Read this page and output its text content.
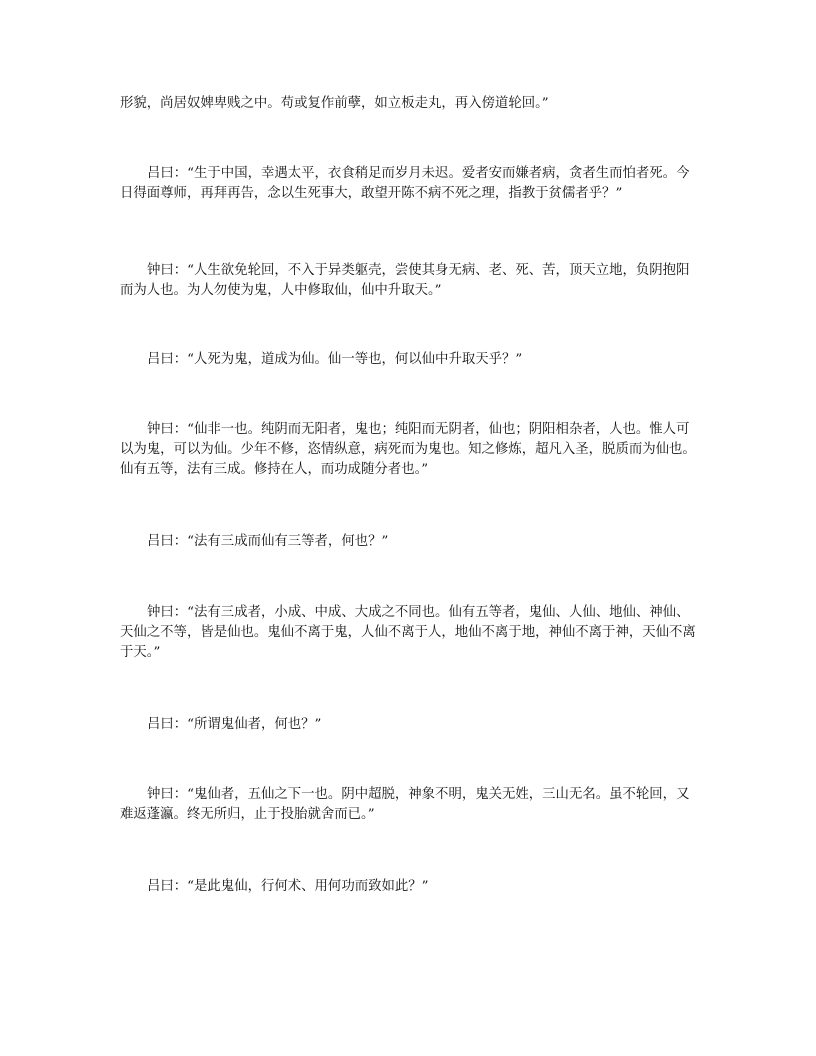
形貌，尚居奴婢卑贱之中。苟或复作前孽，如立板走丸，再入傍道轮回。”

吕曰：“生于中国，幸遇太平，衣食稍足而岁月未迟。爱者安而嫌者病，贪者生而怕者死。今日得面尊师，再拜再告，念以生死事大，敢望开陈不病不死之理，指教于贫儒者乎？”

钟曰：“人生欲免轮回，不入于异类躯壳，尝使其身无病、老、死、苦，顶天立地，负阴抱阳而为人也。为人勿使为鬼，人中修取仙，仙中升取天。”

吕曰：“人死为鬼，道成为仙。仙一等也，何以仙中升取天乎？”

钟曰：“仙非一也。纯阴而无阳者，鬼也；纯阳而无阴者，仙也；阴阳相杂者，人也。惟人可以为鬼，可以为仙。少年不修，恣情纵意，病死而为鬼也。知之修炼，超凡入圣，脱质而为仙也。仙有五等，法有三成。修持在人，而功成随分者也。”

吕曰：“法有三成而仙有三等者，何也？”

钟曰：“法有三成者，小成、中成、大成之不同也。仙有五等者，鬼仙、人仙、地仙、神仙、天仙之不等，皆是仙也。鬼仙不离于鬼，人仙不离于人，地仙不离于地，神仙不离于神，天仙不离于天。”

吕曰：“所谓鬼仙者，何也？”

钟曰：“鬼仙者，五仙之下一也。阴中超脱，神象不明，鬼关无姓，三山无名。虽不轮回，又难返蓬瀛。终无所归，止于投胎就舍而已。”

吕曰：“是此鬼仙，行何术、用何功而致如此？”
